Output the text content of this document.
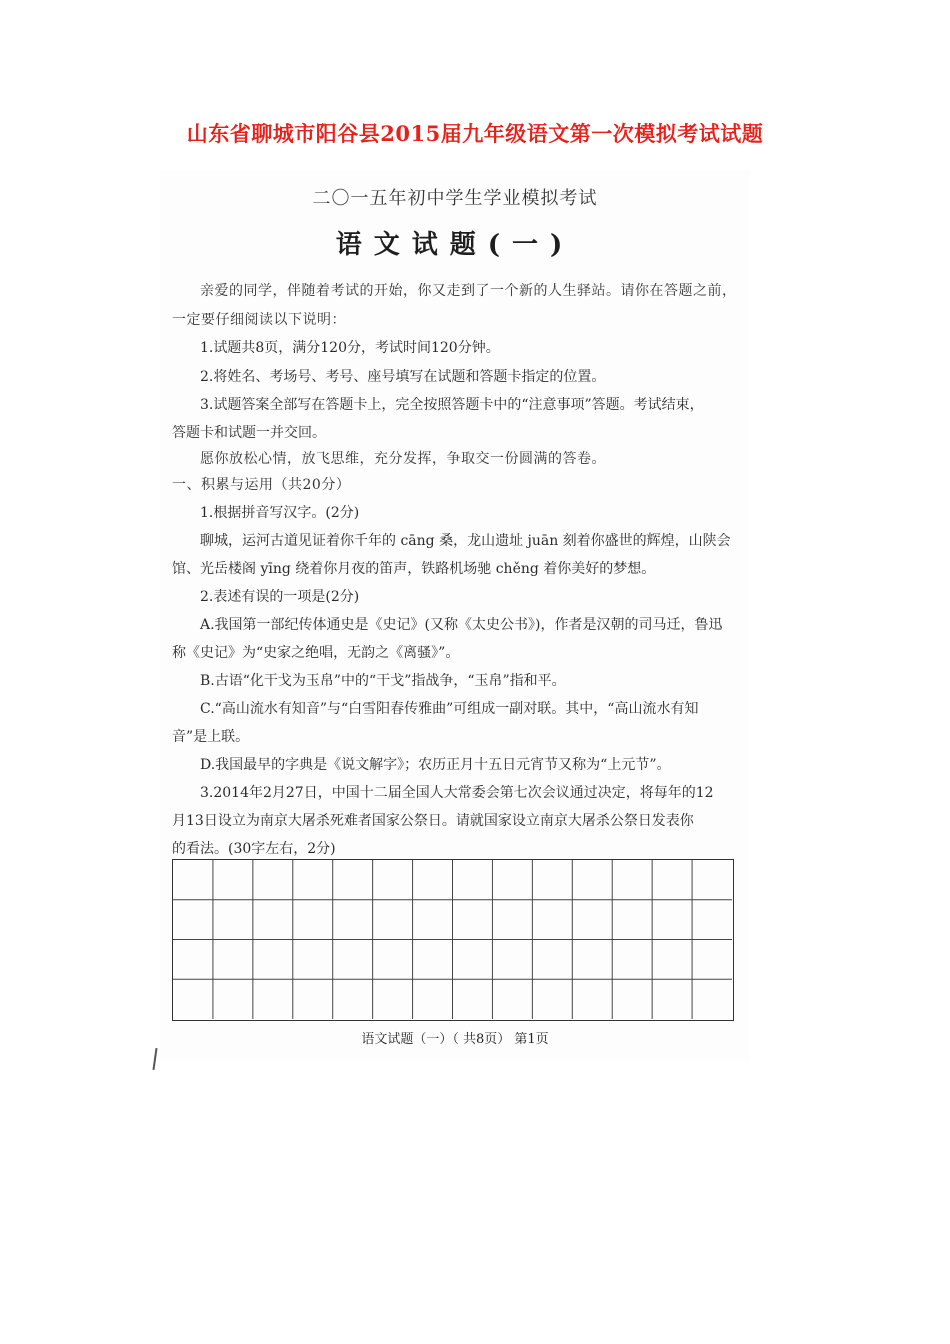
山东省聊城市阳谷县2015届九年级语文第一次模拟考试试题
二〇一五年初中学生学业模拟考试
语文试题(一)
亲爱的同学，伴随着考试的开始，你又走到了一个新的人生驿站。请你在答题之前，
一定要仔细阅读以下说明：
1.试题共8页，满分120分，考试时间120分钟。
2.将姓名、考场号、考号、座号填写在试题和答题卡指定的位置。
3.试题答案全部写在答题卡上，完全按照答题卡中的“注意事项”答题。考试结束，
答题卡和试题一并交回。
愿你放松心情，放飞思维，充分发挥，争取交一份圆满的答卷。
一、积累与运用（共20分）
1.根据拼音写汉字。(2分)
聊城，运河古道见证着你千年的 cāng 桑，龙山遗址 juān 刻着你盛世的辉煌，山陕会
馆、光岳楼阁 yīng 绕着你月夜的笛声，铁路机场驰 chěng 着你美好的梦想。
2.表述有误的一项是(2分)
A.我国第一部纪传体通史是《史记》(又称《太史公书》)，作者是汉朝的司马迁，鲁迅
称《史记》为“史家之绝唱，无韵之《离骚》”。
B.古语“化干戈为玉帛”中的“干戈”指战争，“玉帛”指和平。
C.“高山流水有知音”与“白雪阳春传雅曲”可组成一副对联。其中，“高山流水有知
音”是上联。
D.我国最早的字典是《说文解字》；农历正月十五日元宵节又称为“上元节”。
3.2014年2月27日，中国十二届全国人大常委会第七次会议通过决定，将每年的12
月13日设立为南京大屠杀死难者国家公祭日。请就国家设立南京大屠杀公祭日发表你
的看法。(30字左右，2分)
语文试题（一）（ 共8页） 第1页
